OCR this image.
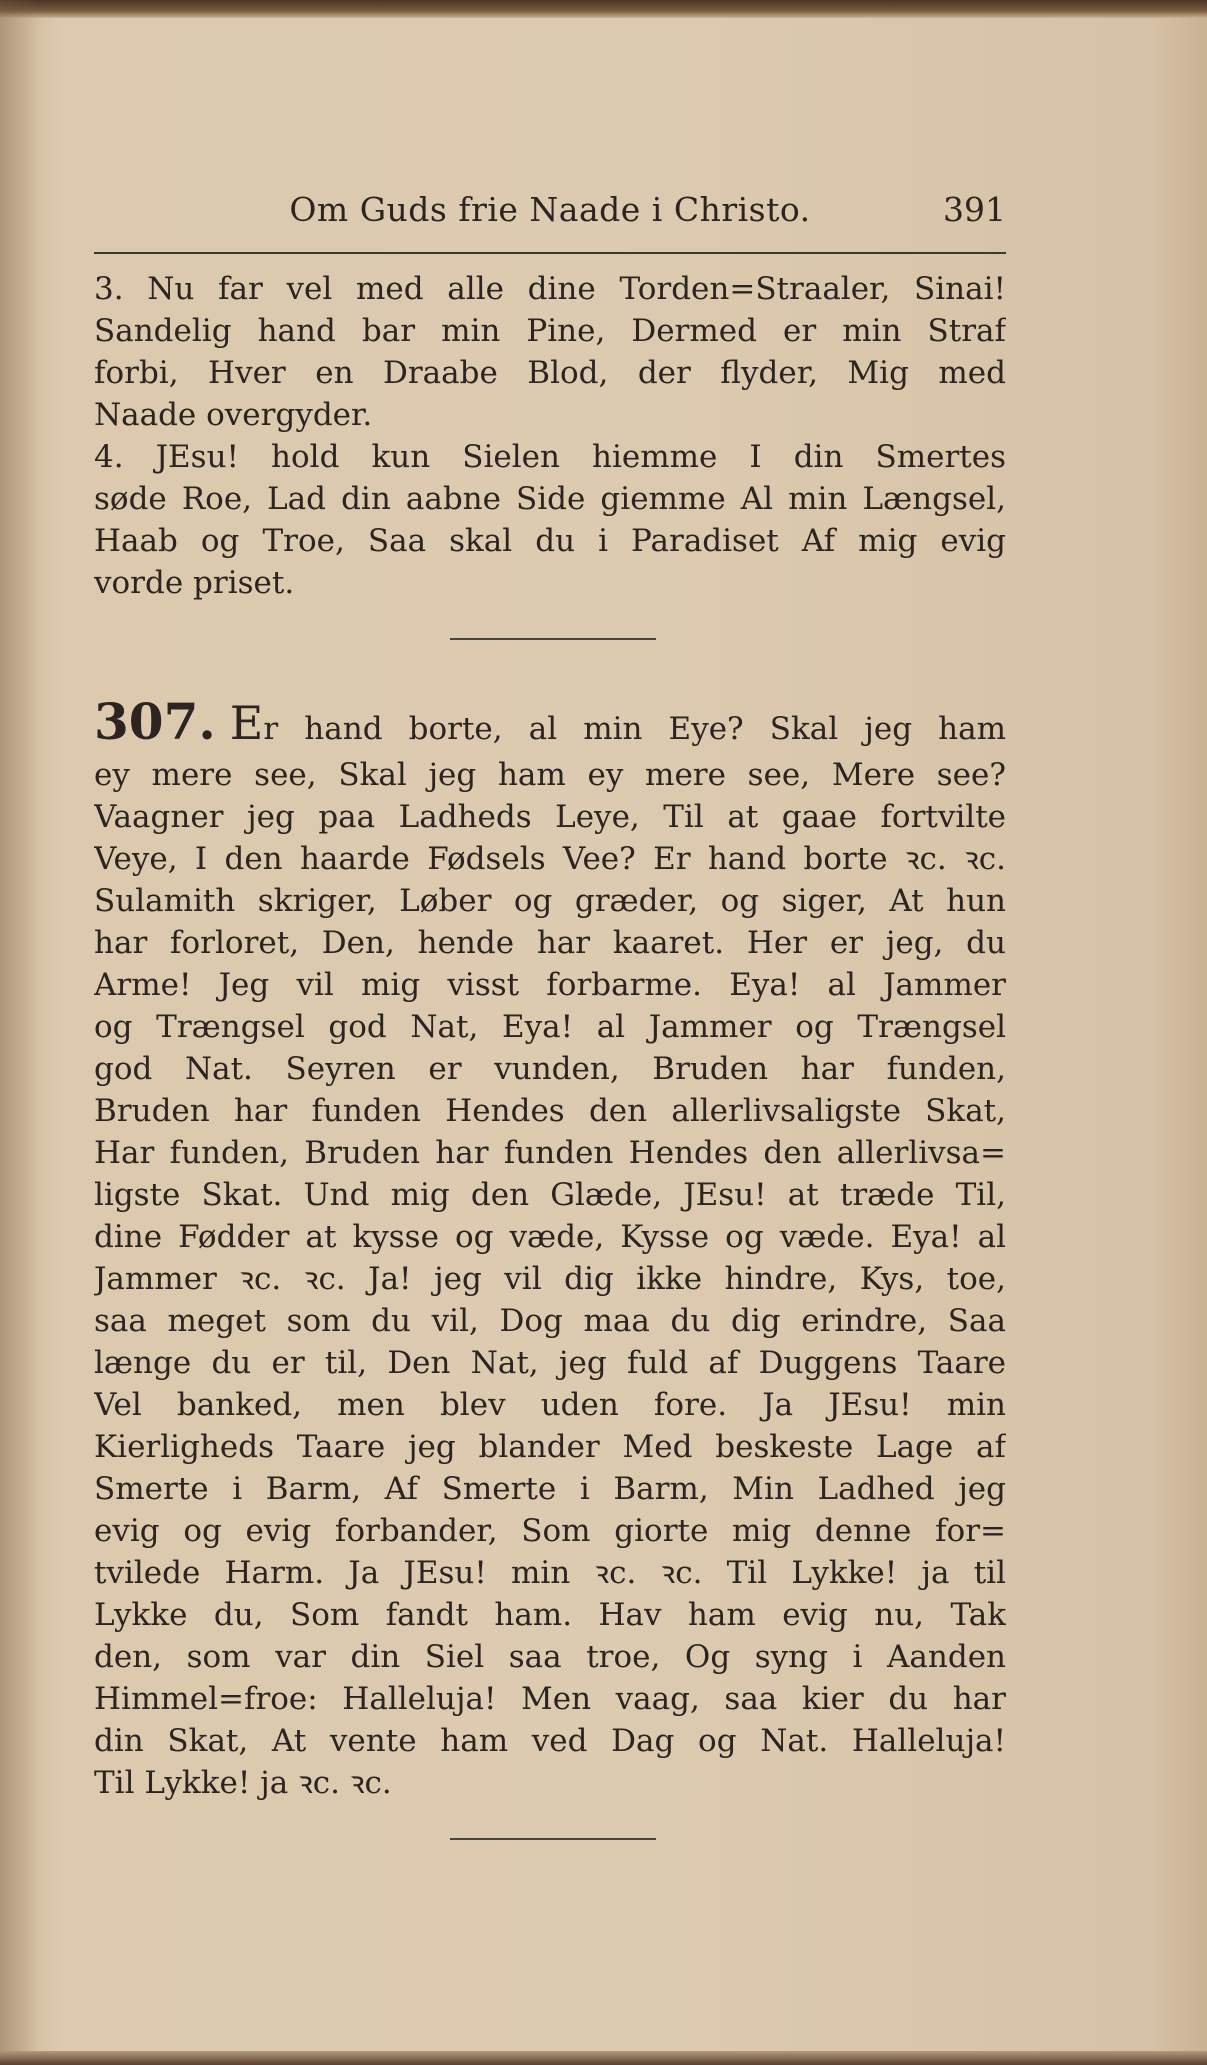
Om Guds frie Naade i Christo.	391
3. Nu far vel med alle dine Torden=Straaler, Sinai!
Sandelig hand bar min Pine, Dermed er min Straf
forbi, Hver en Draabe Blod, der flyder, Mig med
Naade overgyder.
4. JEsu! hold kun Sielen hiemme I din Smertes
søde Roe, Lad din aabne Side giemme Al min Længsel,
Haab og Troe, Saa skal du i Paradiset Af mig evig
vorde priset.
307. Er hand borte, al min Eye? Skal jeg ham
ey mere see, Skal jeg ham ey mere see, Mere see?
Vaagner jeg paa Ladheds Leye, Til at gaae fortvilte
Veye, I den haarde Fødsels Vee? Er hand borte ꝛc. ꝛc.
Sulamith skriger, Løber og græder, og siger, At hun
har forloret, Den, hende har kaaret. Her er jeg, du
Arme! Jeg vil mig visst forbarme. Eya! al Jammer
og Trængsel god Nat, Eya! al Jammer og Trængsel
god Nat. Seyren er vunden, Bruden har funden,
Bruden har funden Hendes den allerlivsaligste Skat,
Har funden, Bruden har funden Hendes den allerlivsa=
ligste Skat. Und mig den Glæde, JEsu! at træde Til,
dine Fødder at kysse og væde, Kysse og væde. Eya! al
Jammer ꝛc. ꝛc. Ja! jeg vil dig ikke hindre, Kys, toe,
saa meget som du vil, Dog maa du dig erindre, Saa
længe du er til, Den Nat, jeg fuld af Duggens Taare
Vel banked, men blev uden fore. Ja JEsu! min
Kierligheds Taare jeg blander Med beskeste Lage af
Smerte i Barm, Af Smerte i Barm, Min Ladhed jeg
evig og evig forbander, Som giorte mig denne for=
tvilede Harm. Ja JEsu! min ꝛc. ꝛc. Til Lykke! ja til
Lykke du, Som fandt ham. Hav ham evig nu, Tak
den, som var din Siel saa troe, Og syng i Aanden
Himmel=froe: Halleluja! Men vaag, saa kier du har
din Skat, At vente ham ved Dag og Nat. Halleluja!
Til Lykke! ja ꝛc. ꝛc.
